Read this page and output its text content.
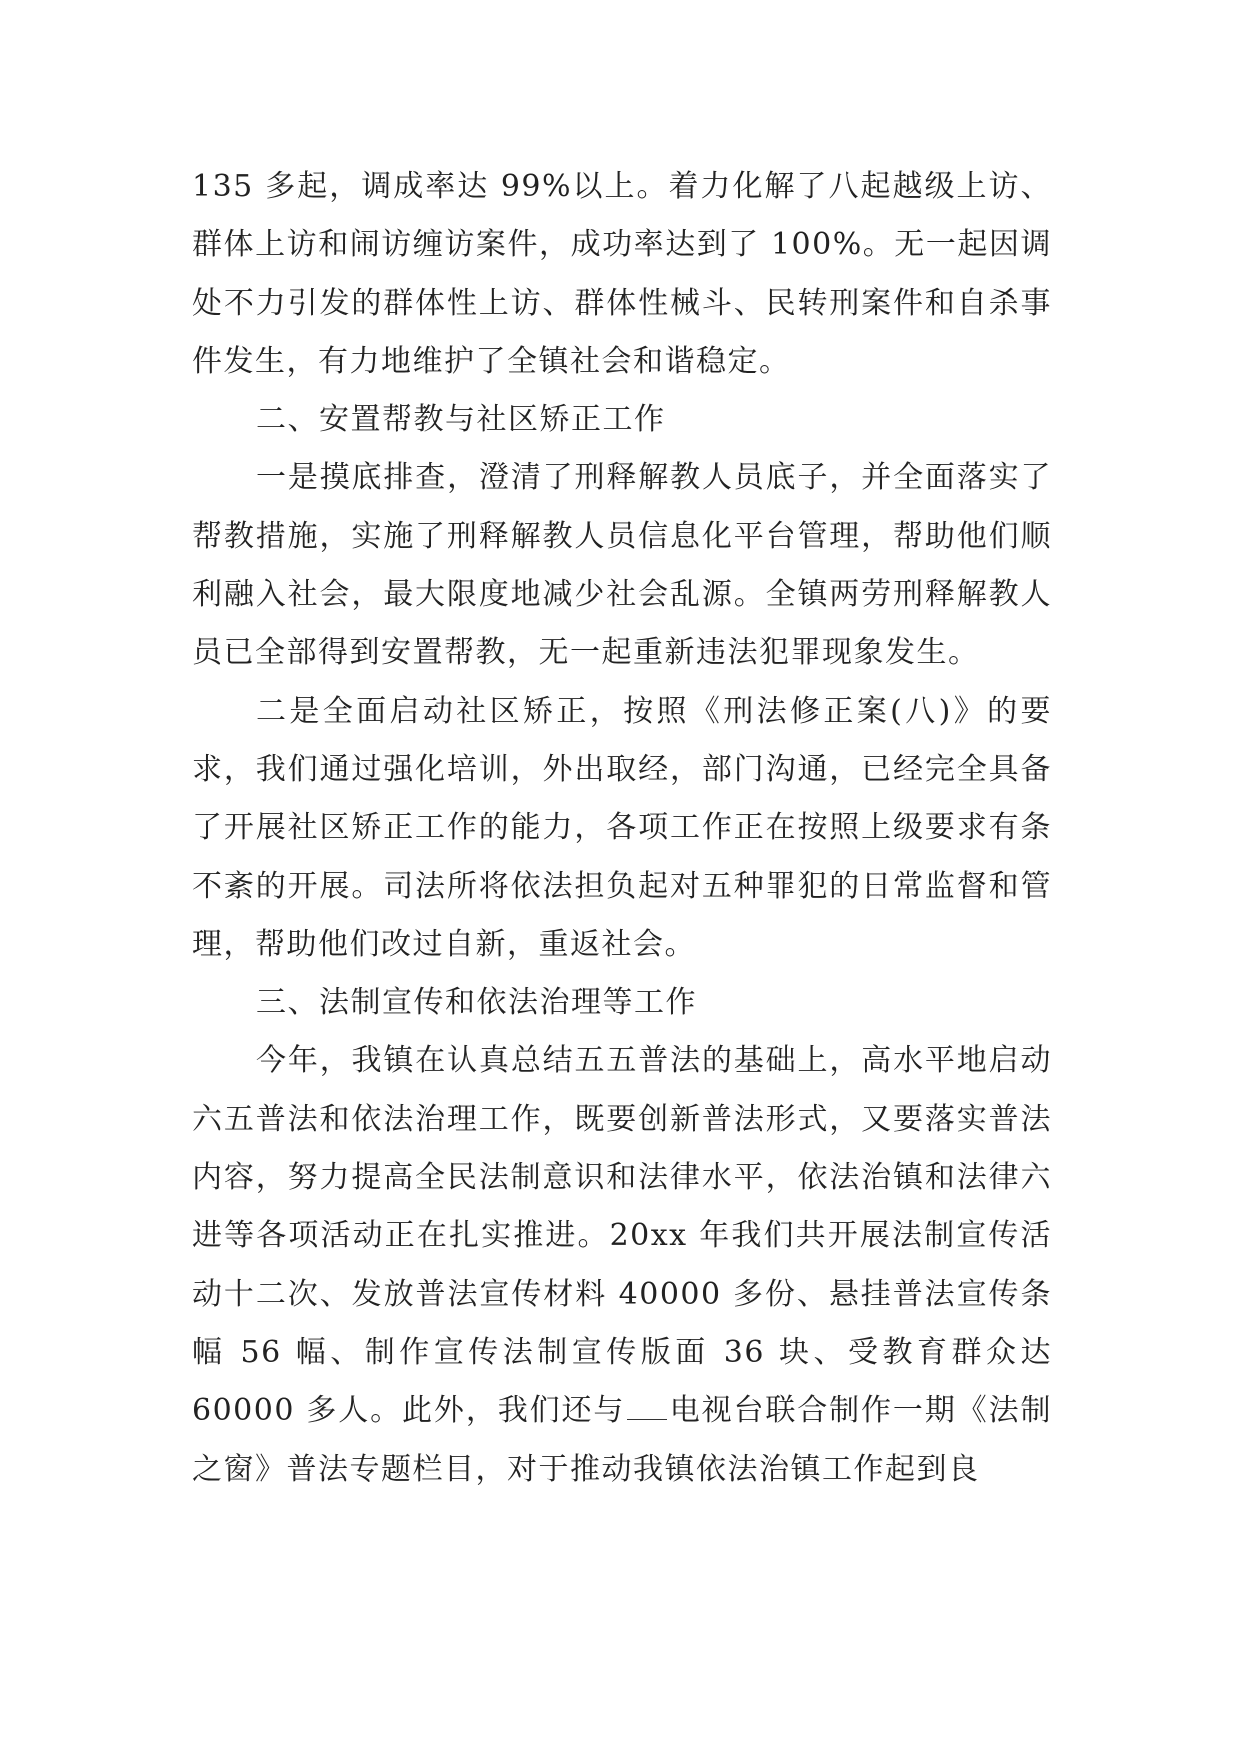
135 多起，调成率达 99%以上。着力化解了八起越级上访、群体上访和闹访缠访案件，成功率达到了 100%。无一起因调处不力引发的群体性上访、群体性械斗、民转刑案件和自杀事件发生，有力地维护了全镇社会和谐稳定。

二、安置帮教与社区矫正工作

一是摸底排查，澄清了刑释解教人员底子，并全面落实了帮教措施，实施了刑释解教人员信息化平台管理，帮助他们顺利融入社会，最大限度地减少社会乱源。全镇两劳刑释解教人员已全部得到安置帮教，无一起重新违法犯罪现象发生。

二是全面启动社区矫正，按照《刑法修正案(八)》的要求，我们通过强化培训，外出取经，部门沟通，已经完全具备了开展社区矫正工作的能力，各项工作正在按照上级要求有条不紊的开展。司法所将依法担负起对五种罪犯的日常监督和管理，帮助他们改过自新，重返社会。

三、法制宣传和依法治理等工作

今年，我镇在认真总结五五普法的基础上，高水平地启动六五普法和依法治理工作，既要创新普法形式，又要落实普法内容，努力提高全民法制意识和法律水平，依法治镇和法律六进等各项活动正在扎实推进。20xx 年我们共开展法制宣传活动十二次、发放普法宣传材料 40000 多份、悬挂普法宣传条幅 56 幅、制作宣传法制宣传版面 36 块、受教育群众达 60000 多人。此外，我们还与 电视台联合制作一期《法制之窗》普法专题栏目，对于推动我镇依法治镇工作起到良
